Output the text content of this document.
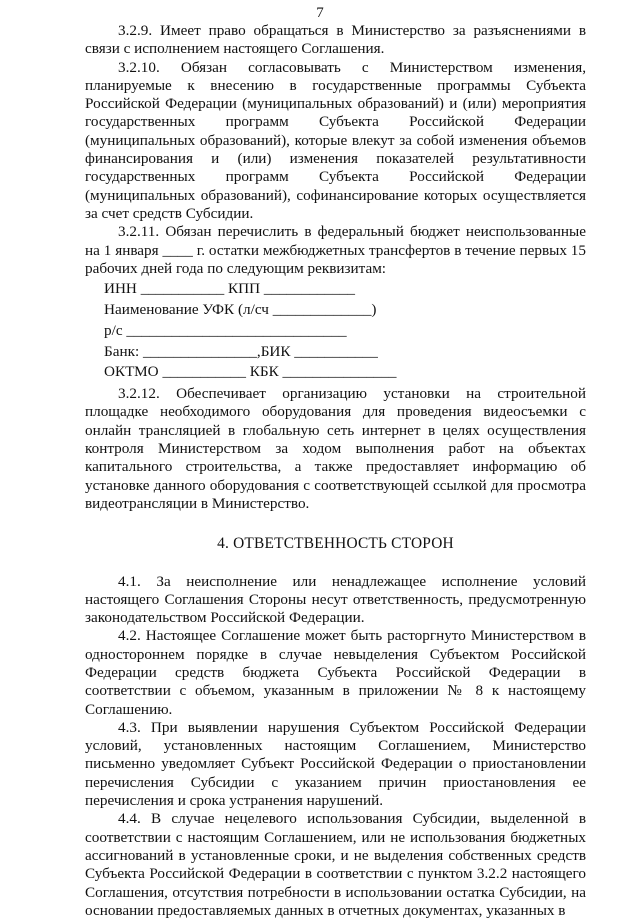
7

3.2.9. Имеет право обращаться в Министерство за разъяснениями в связи с исполнением настоящего Соглашения.

3.2.10. Обязан согласовывать с Министерством изменения, планируемые к внесению в государственные программы Субъекта Российской Федерации (муниципальных образований) и (или) мероприятия государственных программ Субъекта Российской Федерации (муниципальных образований), которые влекут за собой изменения объемов финансирования и (или) изменения показателей результативности государственных программ Субъекта Российской Федерации (муниципальных образований), софинансирование которых осуществляется за счет средств Субсидии.

3.2.11. Обязан перечислить в федеральный бюджет неиспользованные на 1 января ____ г. остатки межбюджетных трансфертов в течение первых 15 рабочих дней года по следующим реквизитам:

ИНН ___________ КПП ____________
Наименование УФК (л/сч _____________)
р/с _____________________________
Банк: _______________,БИК ___________
ОКТМО ___________ КБК _______________

3.2.12. Обеспечивает организацию установки на строительной площадке необходимого оборудования для проведения видеосъемки с онлайн трансляцией в глобальную сеть интернет в целях осуществления контроля Министерством за ходом выполнения работ на объектах капитального строительства, а также предоставляет информацию об установке данного оборудования с соответствующей ссылкой для просмотра видеотрансляции в Министерство.

4. ОТВЕТСТВЕННОСТЬ СТОРОН

4.1. За неисполнение или ненадлежащее исполнение условий настоящего Соглашения Стороны несут ответственность, предусмотренную законодательством Российской Федерации.

4.2. Настоящее Соглашение может быть расторгнуто Министерством в одностороннем порядке в случае невыделения Субъектом Российской Федерации средств бюджета Субъекта Российской Федерации в соответствии с объемом, указанным в приложении № 8 к настоящему Соглашению.

4.3. При выявлении нарушения Субъектом Российской Федерации условий, установленных настоящим Соглашением, Министерство письменно уведомляет Субъект Российской Федерации о приостановлении перечисления Субсидии с указанием причин приостановления ее перечисления и срока устранения нарушений.

4.4. В случае нецелевого использования Субсидии, выделенной в соответствии с настоящим Соглашением, или не использования бюджетных ассигнований в установленные сроки, и не выделения собственных средств Субъекта Российской Федерации в соответствии с пунктом 3.2.2 настоящего Соглашения, отсутствия потребности в использовании остатка Субсидии, на основании предоставляемых данных в отчетных документах, указанных в
